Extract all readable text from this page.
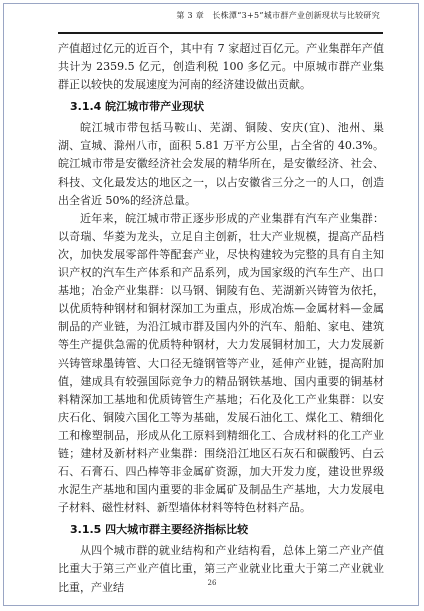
第 3 章　长株潭“3+5”城市群产业创新现状与比较研究

产值超过亿元的近百个，其中有 7 家超过百亿元。产业集群年产值共计为 2359.5 亿元，创造利税 100 多亿元。中原城市群产业集群正以较快的发展速度为河南的经济建设做出贡献。

3.1.4 皖江城市带产业现状

皖江城市带包括马鞍山、芜湖、铜陵、安庆(宜)、池州、巢湖、宣城、滁州八市，面积 5.81 万平方公里，占全省的 40.3%。皖江城市带是安徽经济社会发展的精华所在，是安徽经济、社会、科技、文化最发达的地区之一，以占安徽省三分之一的人口，创造出全省近 50%的经济总量。

近年来，皖江城市带正逐步形成的产业集群有汽车产业集群：以奇瑞、华菱为龙头，立足自主创新，壮大产业规模，提高产品档次，加快发展零部件等配套产业，尽快构建较为完整的具有自主知识产权的汽车生产体系和产品系列，成为国家级的汽车生产、出口基地；冶金产业集群：以马钢、铜陵有色、芜湖新兴铸管为依托，以优质特种钢材和铜材深加工为重点，形成冶炼—金属材料—金属制品的产业链，为沿江城市群及国内外的汽车、船舶、家电、建筑等生产提供急需的优质特种钢材，大力发展铜材加工，大力发展新兴铸管球墨铸管、大口径无缝钢管等产业，延伸产业链，提高附加值，建成具有较强国际竞争力的精品钢铁基地、国内重要的铜基材料精深加工基地和优质铸管生产基地；石化及化工产业集群：以安庆石化、铜陵六国化工等为基础，发展石油化工、煤化工、精细化工和橡塑制品，形成从化工原料到精细化工、合成材料的化工产业链；建材及新材料产业集群：围绕沿江地区石灰石和碳酸钙、白云石、石膏石、四凸棒等非金属矿资源，加大开发力度，建设世界级水泥生产基地和国内重要的非金属矿及制品生产基地，大力发展电子材料、磁性材料、新型墙体材料等特色材料产品。

3.1.5 四大城市群主要经济指标比较

从四个城市群的就业结构和产业结构看，总体上第二产业产值比重大于第三产业产值比重，第三产业就业比重大于第二产业就业比重，产业结	26
